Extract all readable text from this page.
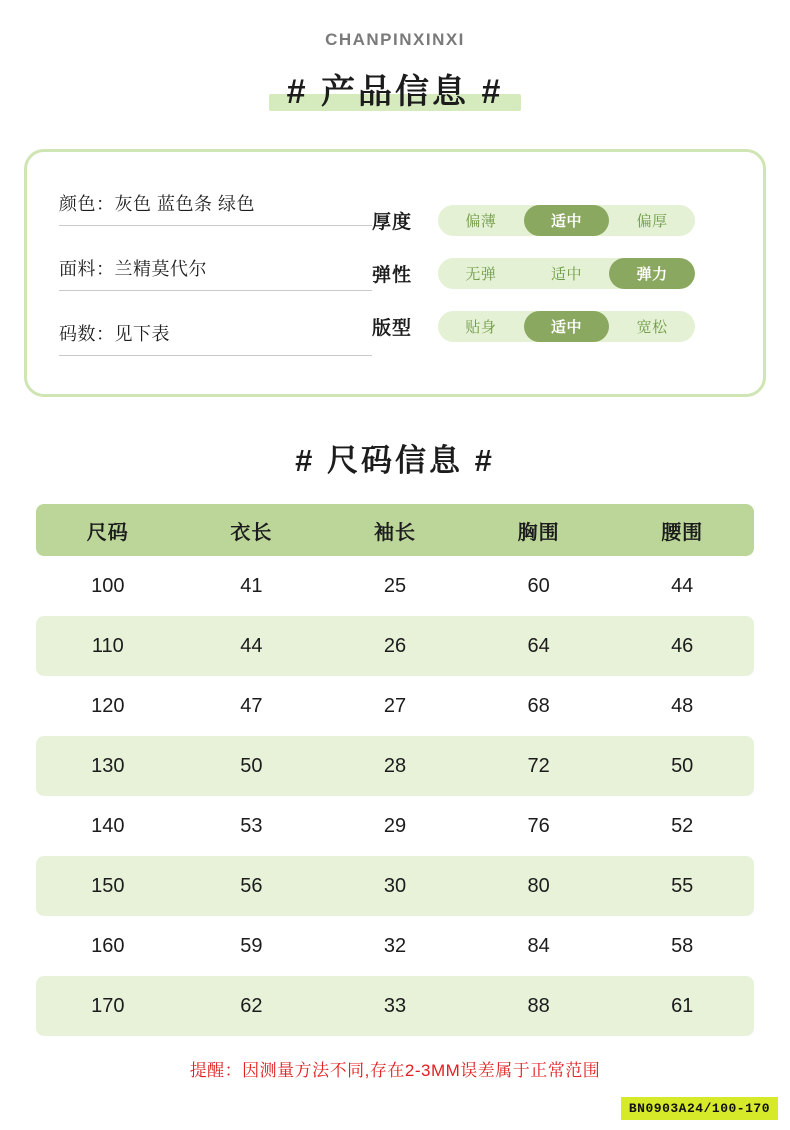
CHANPINXINXI
# 产品信息 #
颜色：灰色 蓝色条 绿色
面料：兰精莫代尔
码数：见下表
厚度	偏薄	适中	偏厚
弹性	无弹	适中	弹力
版型	贴身	适中	宽松
# 尺码信息 #
尺码	衣长	袖长	胸围	腰围
100	41	25	60	44
110	44	26	64	46
120	47	27	68	48
130	50	28	72	50
140	53	29	76	52
150	56	30	80	55
160	59	32	84	58
170	62	33	88	61
提醒：因测量方法不同,存在2-3MM误差属于正常范围
BN0903A24/100-170
